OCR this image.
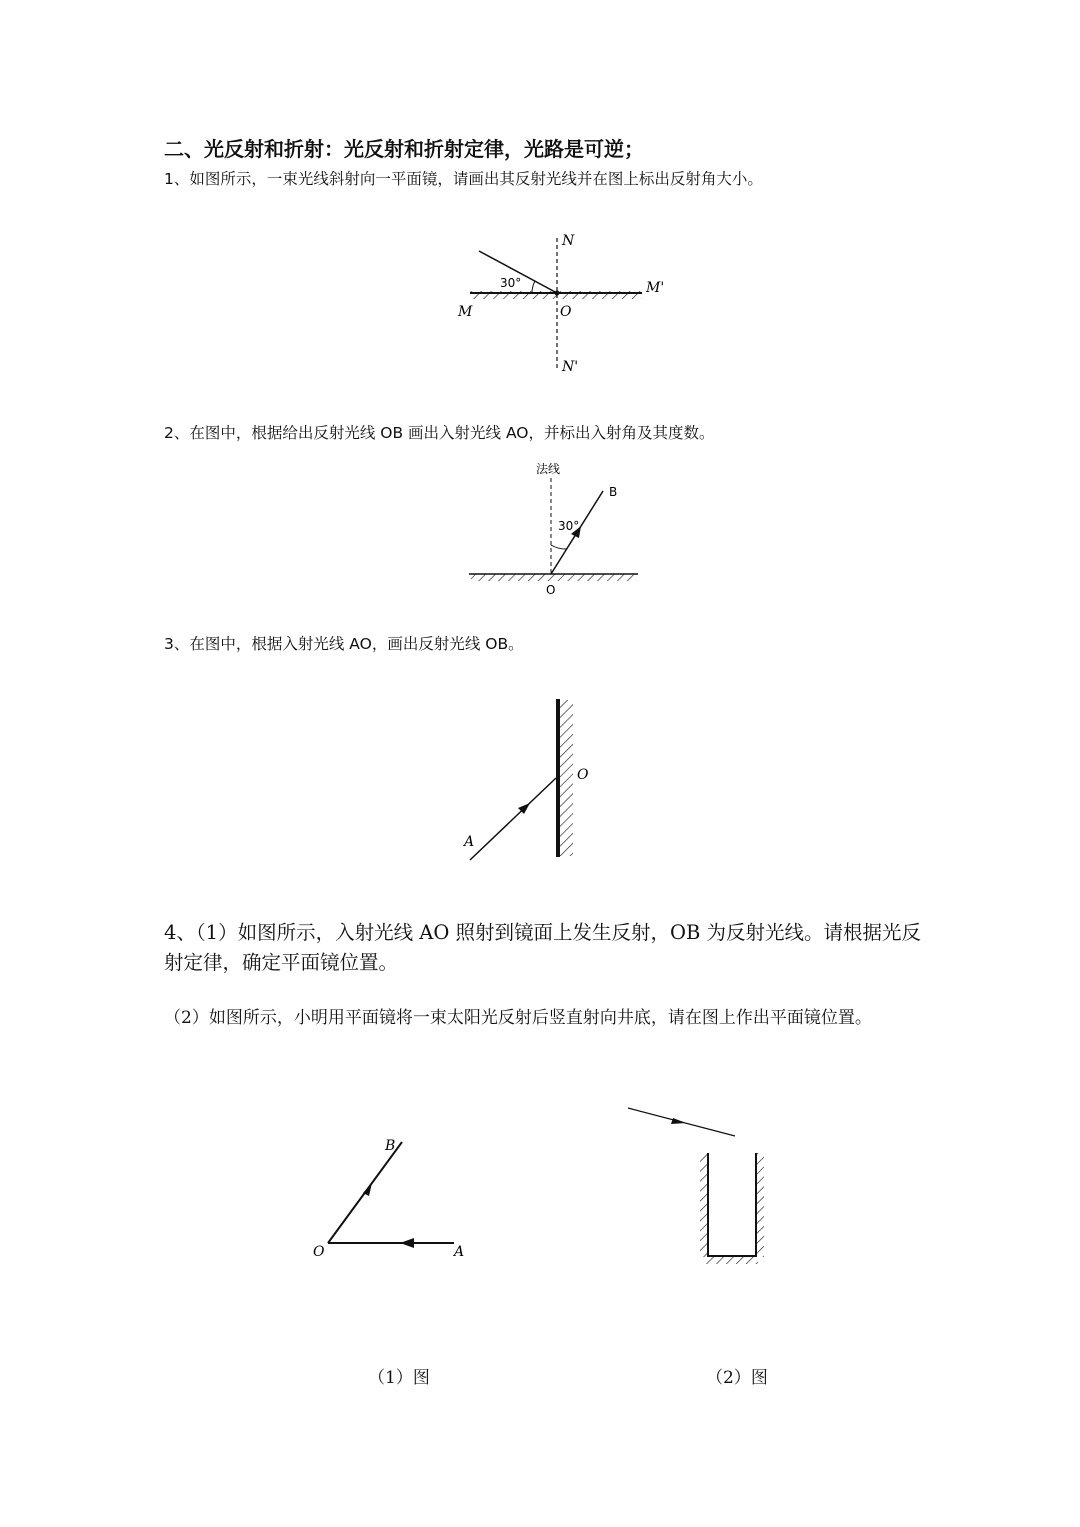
二、光反射和折射：光反射和折射定律，光路是可逆；
1、如图所示，一束光线斜射向一平面镜，请画出其反射光线并在图上标出反射角大小。
2、在图中，根据给出反射光线 OB 画出入射光线 AO，并标出入射角及其度数。
3、在图中，根据入射光线 AO，画出反射光线 OB。
4、（1）如图所示，入射光线 AO 照射到镜面上发生反射，OB 为反射光线。请根据光反射定律，确定平面镜位置。
（2）如图所示，小明用平面镜将一束太阳光反射后竖直射向井底，请在图上作出平面镜位置。
（1）图	（2）图
N
N'
M
M'
O
30°
法线
B
30°
O
A
O
B
O	A
